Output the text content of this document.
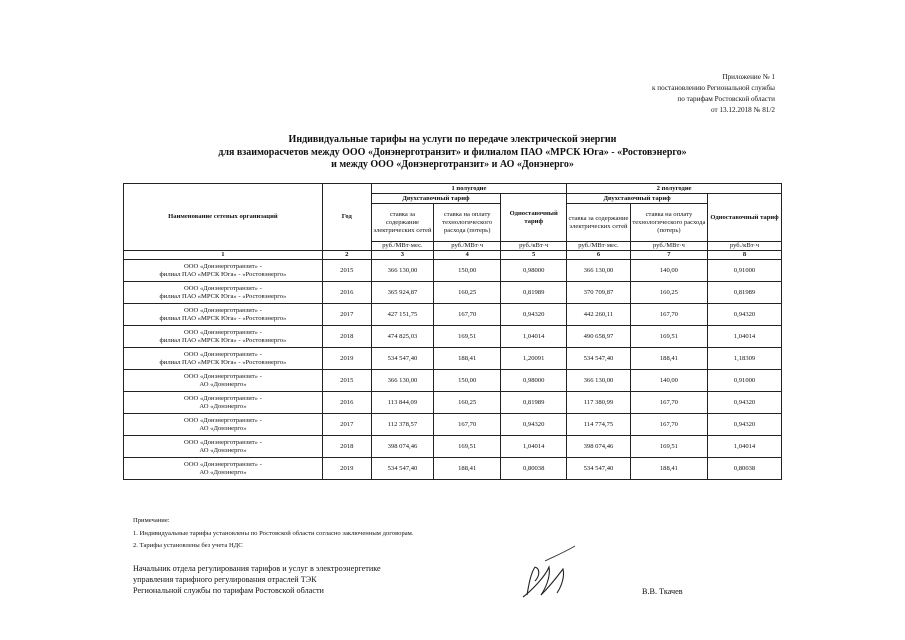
Приложение № 1
к постановлению Региональной службы
по тарифам Ростовской области
от 13.12.2018 № 81/2
Индивидуальные тарифы на услуги по передаче электрической энергии
для взаиморасчетов между ООО «Донэнерготранзит» и филиалом ПАО «МРСК Юга» - «Ростовэнерго»
и между ООО «Донэнерготранзит» и АО «Донэнерго»
Наименование сетевых организаций	Год	1 полугодие			2 полугодие		
		Двухставочный тариф		Одноставочный тариф	Двухставочный тариф		Одноставочный тариф
		ставка за содержание электрических сетей	ставка на оплату технологического расхода (потерь)		ставка за содержание электрических сетей	ставка на оплату технологического расхода (потерь)	
		руб./МВт·мес.	руб./МВт·ч	руб./кВт·ч	руб./МВт·мес.	руб./МВт·ч	руб./кВт·ч
1	2	3	4	5	6	7	8

ООО «Донэнерготранзит» -
филиал ПАО «МРСК Юга» - «Ростовэнерго»	2015	366 130,00	150,00	0,98000	366 130,00	140,00	0,91000

ООО «Донэнерготранзит» -
филиал ПАО «МРСК Юга» - «Ростовэнерго»	2016	365 924,87	160,25	0,81989	370 709,87	160,25	0,81989

ООО «Донэнерготранзит» -
филиал ПАО «МРСК Юга» - «Ростовэнерго»	2017	427 151,75	167,70	0,94320	442 260,11	167,70	0,94320

ООО «Донэнерготранзит» -
филиал ПАО «МРСК Юга» - «Ростовэнерго»	2018	474 825,03	169,51	1,04014	490 658,97	169,51	1,04014

ООО «Донэнерготранзит» -
филиал ПАО «МРСК Юга» - «Ростовэнерго»	2019	534 547,40	188,41	1,20091	534 547,40	188,41	1,18309

ООО «Донэнерготранзит» -
АО «Донэнерго»	2015	366 130,00	150,00	0,98000	366 130,00	140,00	0,91000

ООО «Донэнерготранзит» -
АО «Донэнерго»	2016	113 844,09	160,25	0,81989	117 380,99	167,70	0,94320

ООО «Донэнерготранзит» -
АО «Донэнерго»	2017	112 378,57	167,70	0,94320	114 774,75	167,70	0,94320

ООО «Донэнерготранзит» -
АО «Донэнерго»	2018	398 074,46	169,51	1,04014	398 074,46	169,51	1,04014

ООО «Донэнерготранзит» -
АО «Донэнерго»	2019	534 547,40	188,41	0,80038	534 547,40	188,41	0,80038
Примечание:
1. Индивидуальные тарифы установлены по Ростовской области согласно заключенным договорам.
2. Тарифы установлены без учета НДС
Начальник отдела регулирования тарифов и услуг в электроэнергетике
управления тарифного регулирования отраслей ТЭК
Региональной службы по тарифам Ростовской области	В.В. Ткачев
